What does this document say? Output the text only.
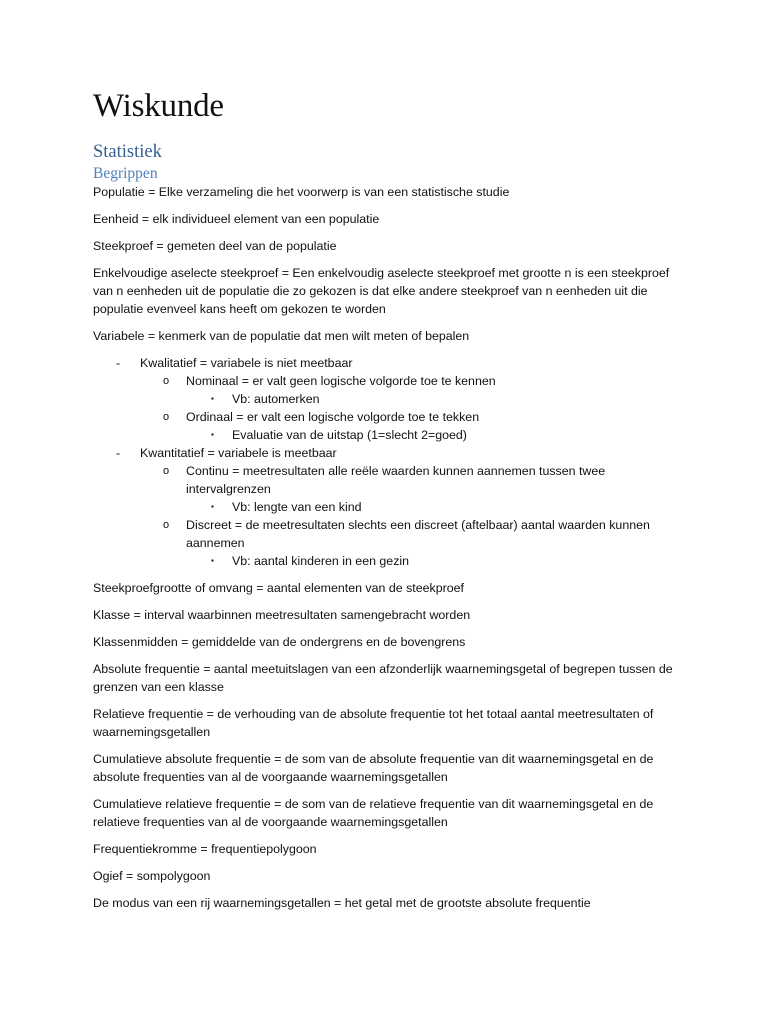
Wiskunde
Statistiek
Begrippen

Populatie = Elke verzameling die het voorwerp is van een statistische studie

Eenheid = elk individueel element van een populatie

Steekproef = gemeten deel van de populatie

Enkelvoudige aselecte steekproef = Een enkelvoudig aselecte steekproef met grootte n is een steekproef van n eenheden uit de populatie die zo gekozen is dat elke andere steekproef van n eenheden uit die populatie evenveel kans heeft om gekozen te worden

Variabele = kenmerk van de populatie dat men wilt meten of bepalen

- Kwalitatief = variabele is niet meetbaar
o Nominaal = er valt geen logische volgorde toe te kennen
▪ Vb: automerken
o Ordinaal = er valt een logische volgorde toe te tekken
▪ Evaluatie van de uitstap (1=slecht 2=goed)
- Kwantitatief = variabele is meetbaar
o Continu = meetresultaten alle reële waarden kunnen aannemen tussen twee intervalgrenzen
▪ Vb: lengte van een kind
o Discreet = de meetresultaten slechts een discreet (aftelbaar) aantal waarden kunnen aannemen
▪ Vb: aantal kinderen in een gezin

Steekproefgrootte of omvang = aantal elementen van de steekproef

Klasse = interval waarbinnen meetresultaten samengebracht worden

Klassenmidden = gemiddelde van de ondergrens en de bovengrens

Absolute frequentie = aantal meetuitslagen van een afzonderlijk waarnemingsgetal of begrepen tussen de grenzen van een klasse

Relatieve frequentie = de verhouding van de absolute frequentie tot het totaal aantal meetresultaten of waarnemingsgetallen

Cumulatieve absolute frequentie = de som van de absolute frequentie van dit waarnemingsgetal en de absolute frequenties van al de voorgaande waarnemingsgetallen

Cumulatieve relatieve frequentie = de som van de relatieve frequentie van dit waarnemingsgetal en de relatieve frequenties van al de voorgaande waarnemingsgetallen

Frequentiekromme = frequentiepolygoon

Ogief = sompolygoon

De modus van een rij waarnemingsgetallen = het getal met de grootste absolute frequentie
